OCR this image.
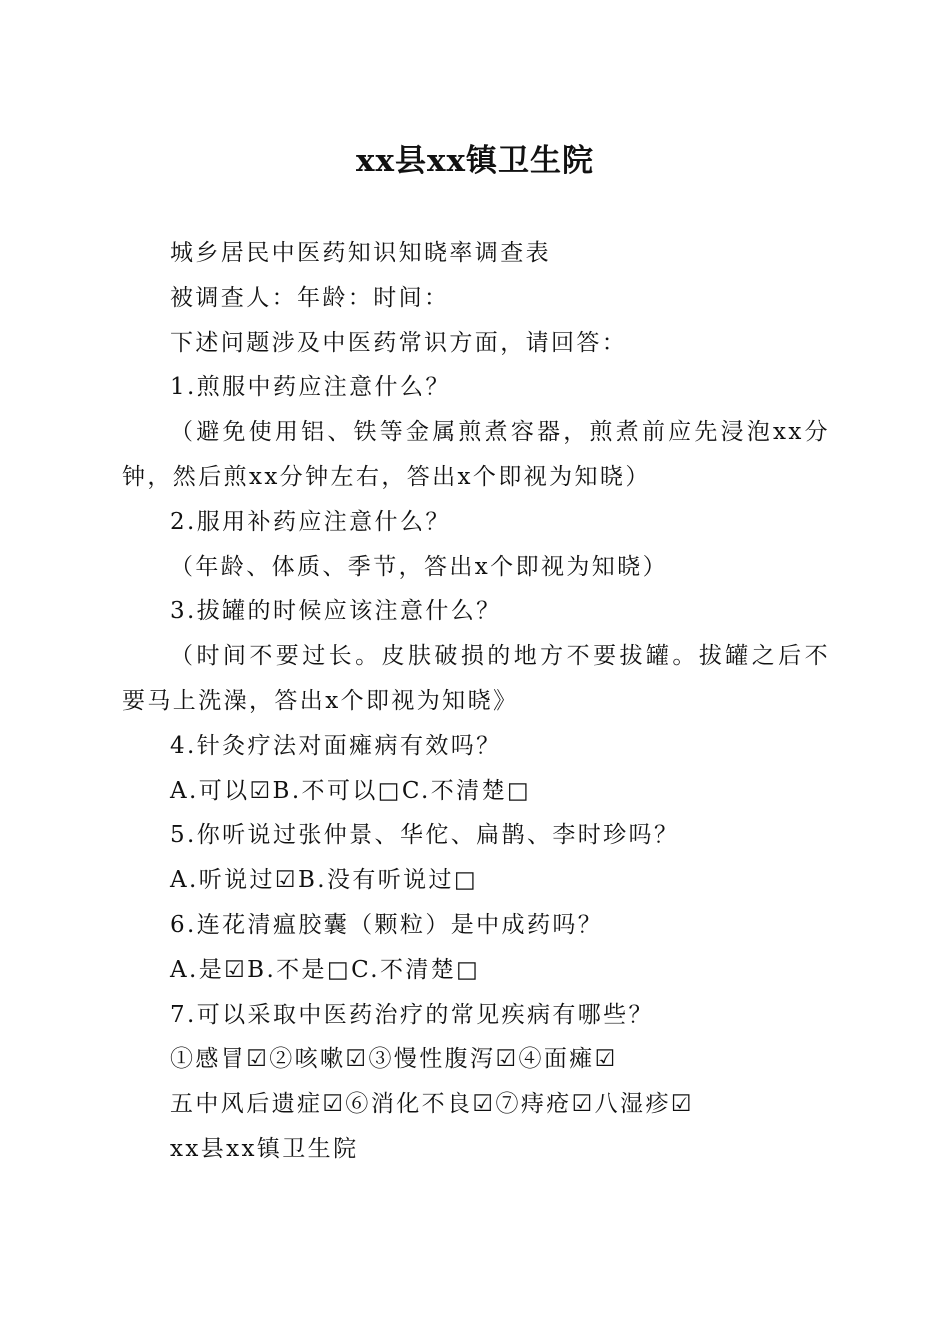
xx县xx镇卫生院
城乡居民中医药知识知晓率调查表
被调查人：年龄：时间：
下述问题涉及中医药常识方面，请回答：
1.煎服中药应注意什么？
（避免使用铝、铁等金属煎煮容器，煎煮前应先浸泡xx分钟，然后煎xx分钟左右，答出x个即视为知晓）
2.服用补药应注意什么？
（年龄、体质、季节，答出x个即视为知晓）
3.拔罐的时候应该注意什么？
（时间不要过长。皮肤破损的地方不要拔罐。拔罐之后不要马上洗澡，答出x个即视为知晓》
4.针灸疗法对面瘫病有效吗？
A.可以☑B.不可以□C.不清楚□
5.你听说过张仲景、华佗、扁鹊、李时珍吗？
A.听说过☑B.没有听说过□
6.连花清瘟胶囊（颗粒）是中成药吗？
A.是☑B.不是□C.不清楚□
7.可以采取中医药治疗的常见疾病有哪些？
①感冒☑②咳嗽☑③慢性腹泻☑④面瘫☑
五中风后遗症☑⑥消化不良☑⑦痔疮☑八湿疹☑
xx县xx镇卫生院
